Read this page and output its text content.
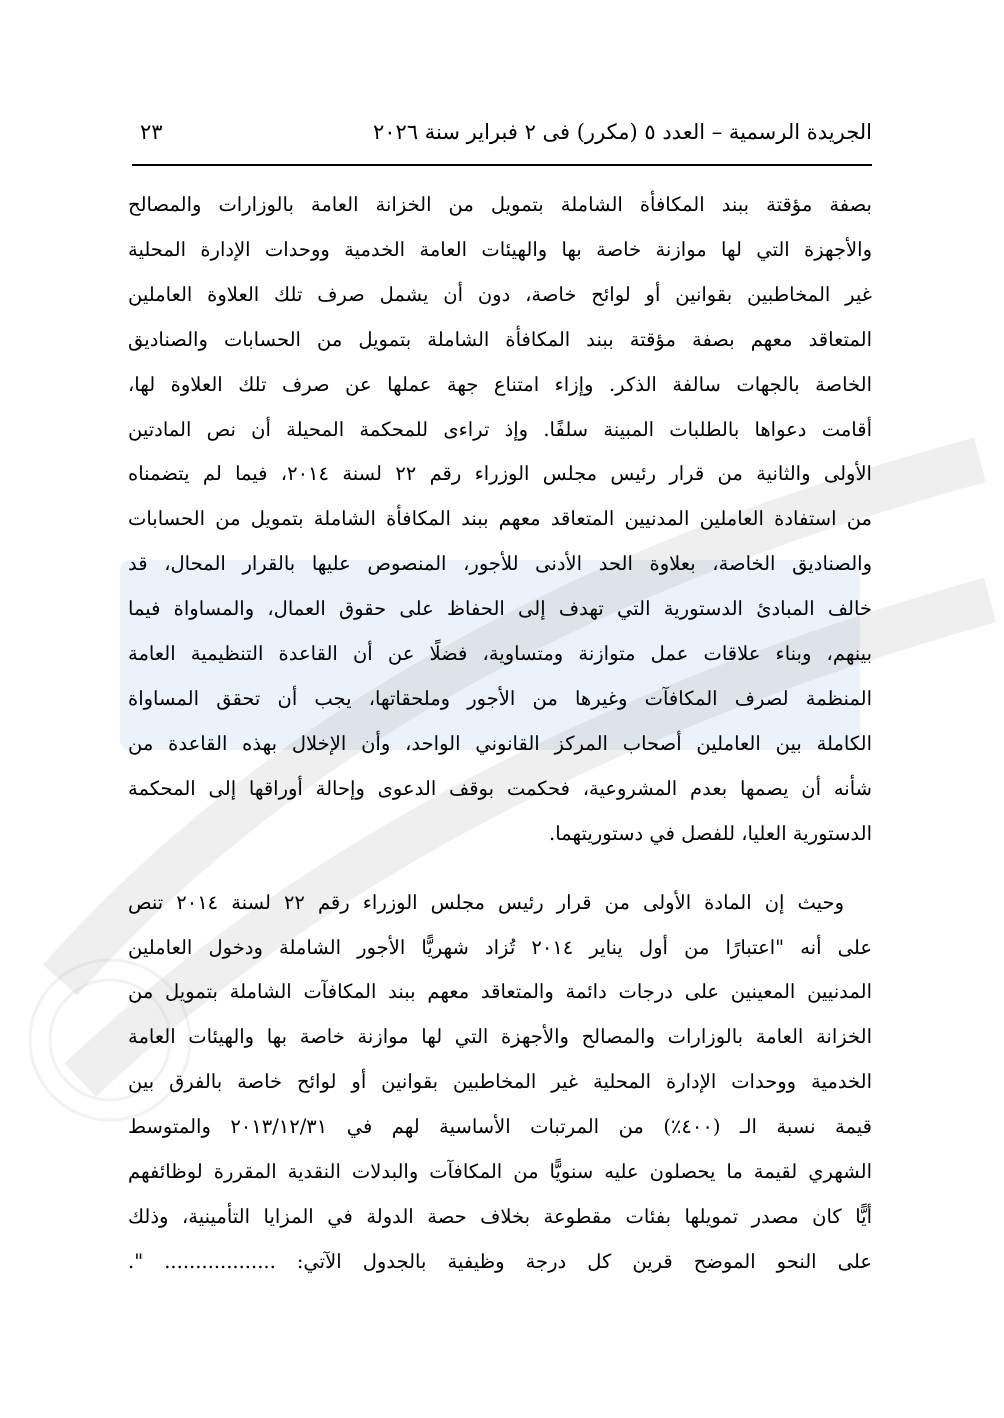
الجريدة الرسمية – العدد ٥ (مكرر) فى ٢ فبراير سنة ٢٠٢٦
٢٣

بصفة مؤقتة ببند المكافأة الشاملة بتمويل من الخزانة العامة بالوزارات والمصالح
والأجهزة التي لها موازنة خاصة بها والهيئات العامة الخدمية ووحدات الإدارة المحلية
غير المخاطبين بقوانين أو لوائح خاصة، دون أن يشمل صرف تلك العلاوة العاملين
المتعاقد معهم بصفة مؤقتة ببند المكافأة الشاملة بتمويل من الحسابات والصناديق
الخاصة بالجهات سالفة الذكر. وإزاء امتناع جهة عملها عن صرف تلك العلاوة لها،
أقامت دعواها بالطلبات المبينة سلفًا. وإذ تراءى للمحكمة المحيلة أن نص المادتين
الأولى والثانية من قرار رئيس مجلس الوزراء رقم ٢٢ لسنة ٢٠١٤، فيما لم يتضمناه
من استفادة العاملين المدنيين المتعاقد معهم ببند المكافأة الشاملة بتمويل من الحسابات
والصناديق الخاصة، بعلاوة الحد الأدنى للأجور، المنصوص عليها بالقرار المحال، قد
خالف المبادئ الدستورية التي تهدف إلى الحفاظ على حقوق العمال، والمساواة فيما
بينهم، وبناء علاقات عمل متوازنة ومتساوية، فضلًا عن أن القاعدة التنظيمية العامة
المنظمة لصرف المكافآت وغيرها من الأجور وملحقاتها، يجب أن تحقق المساواة
الكاملة بين العاملين أصحاب المركز القانوني الواحد، وأن الإخلال بهذه القاعدة من
شأنه أن يصمها بعدم المشروعية، فحكمت بوقف الدعوى وإحالة أوراقها إلى المحكمة
الدستورية العليا، للفصل في دستوريتهما.

وحيث إن المادة الأولى من قرار رئيس مجلس الوزراء رقم ٢٢ لسنة ٢٠١٤ تنص
على أنه "اعتبارًا من أول يناير ٢٠١٤ تُزاد شهريًّا الأجور الشاملة ودخول العاملين
المدنيين المعينين على درجات دائمة والمتعاقد معهم ببند المكافآت الشاملة بتمويل من
الخزانة العامة بالوزارات والمصالح والأجهزة التي لها موازنة خاصة بها والهيئات العامة
الخدمية ووحدات الإدارة المحلية غير المخاطبين بقوانين أو لوائح خاصة بالفرق بين
قيمة نسبة الـ (٤٠٠٪) من المرتبات الأساسية لهم في ٢٠١٣/١٢/٣١ والمتوسط
الشهري لقيمة ما يحصلون عليه سنويًّا من المكافآت والبدلات النقدية المقررة لوظائفهم
أيًّا كان مصدر تمويلها بفئات مقطوعة بخلاف حصة الدولة في المزايا التأمينية، وذلك
على النحو الموضح قرين كل درجة وظيفية بالجدول الآتي: .................. ".
